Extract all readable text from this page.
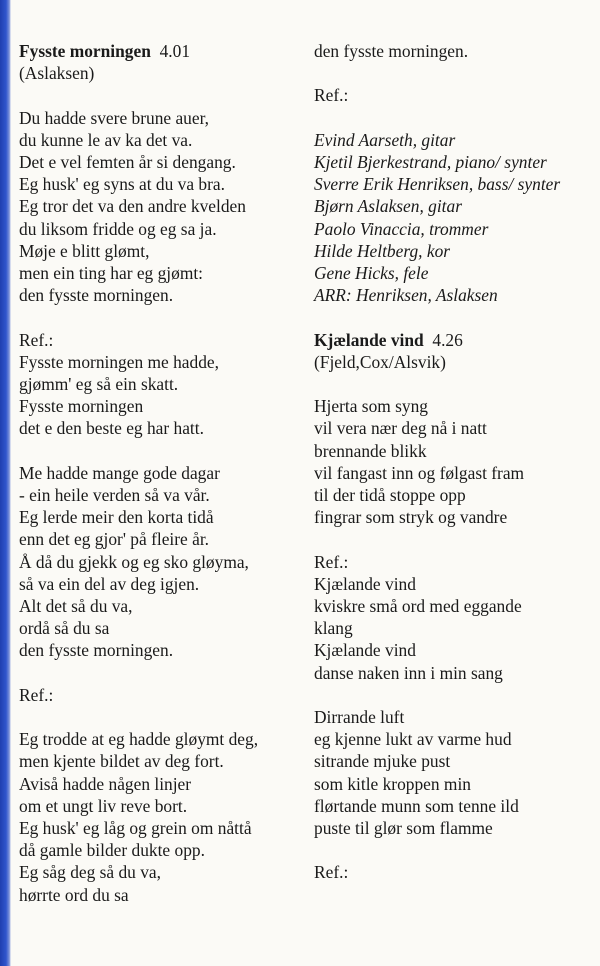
Fysste morningen 4.01
(Aslaksen)
Du hadde svere brune auer,
du kunne le av ka det va.
Det e vel femten år si dengang.
Eg husk' eg syns at du va bra.
Eg tror det va den andre kvelden
du liksom fridde og eg sa ja.
Møje e blitt glømt,
men ein ting har eg gjømt:
den fysste morningen.
Ref.:
Fysste morningen me hadde,
gjømm' eg så ein skatt.
Fysste morningen
det e den beste eg har hatt.
Me hadde mange gode dagar
- ein heile verden så va vår.
Eg lerde meir den korta tidå
enn det eg gjor' på fleire år.
Å då du gjekk og eg sko gløyma,
så va ein del av deg igjen.
Alt det så du va,
ordå så du sa
den fysste morningen.
Ref.:
Eg trodde at eg hadde gløymt deg,
men kjente bildet av deg fort.
Aviså hadde någen linjer
om et ungt liv reve bort.
Eg husk' eg låg og grein om nåttå
då gamle bilder dukte opp.
Eg såg deg så du va,
hørrte ord du sa
den fysste morningen.
Ref.:
Evind Aarseth, gitar
Kjetil Bjerkestrand, piano/ synter
Sverre Erik Henriksen, bass/ synter
Bjørn Aslaksen, gitar
Paolo Vinaccia, trommer
Hilde Heltberg, kor
Gene Hicks, fele
ARR: Henriksen, Aslaksen
Kjælande vind 4.26
(Fjeld,Cox/Alsvik)
Hjerta som syng
vil vera nær deg nå i natt
brennande blikk
vil fangast inn og følgast fram
til der tidå stoppe opp
fingrar som stryk og vandre
Ref.:
Kjælande vind
kviskre små ord med eggande
klang
Kjælande vind
danse naken inn i min sang
Dirrande luft
eg kjenne lukt av varme hud
sitrande mjuke pust
som kitle kroppen min
flørtande munn som tenne ild
puste til glør som flamme
Ref.:
